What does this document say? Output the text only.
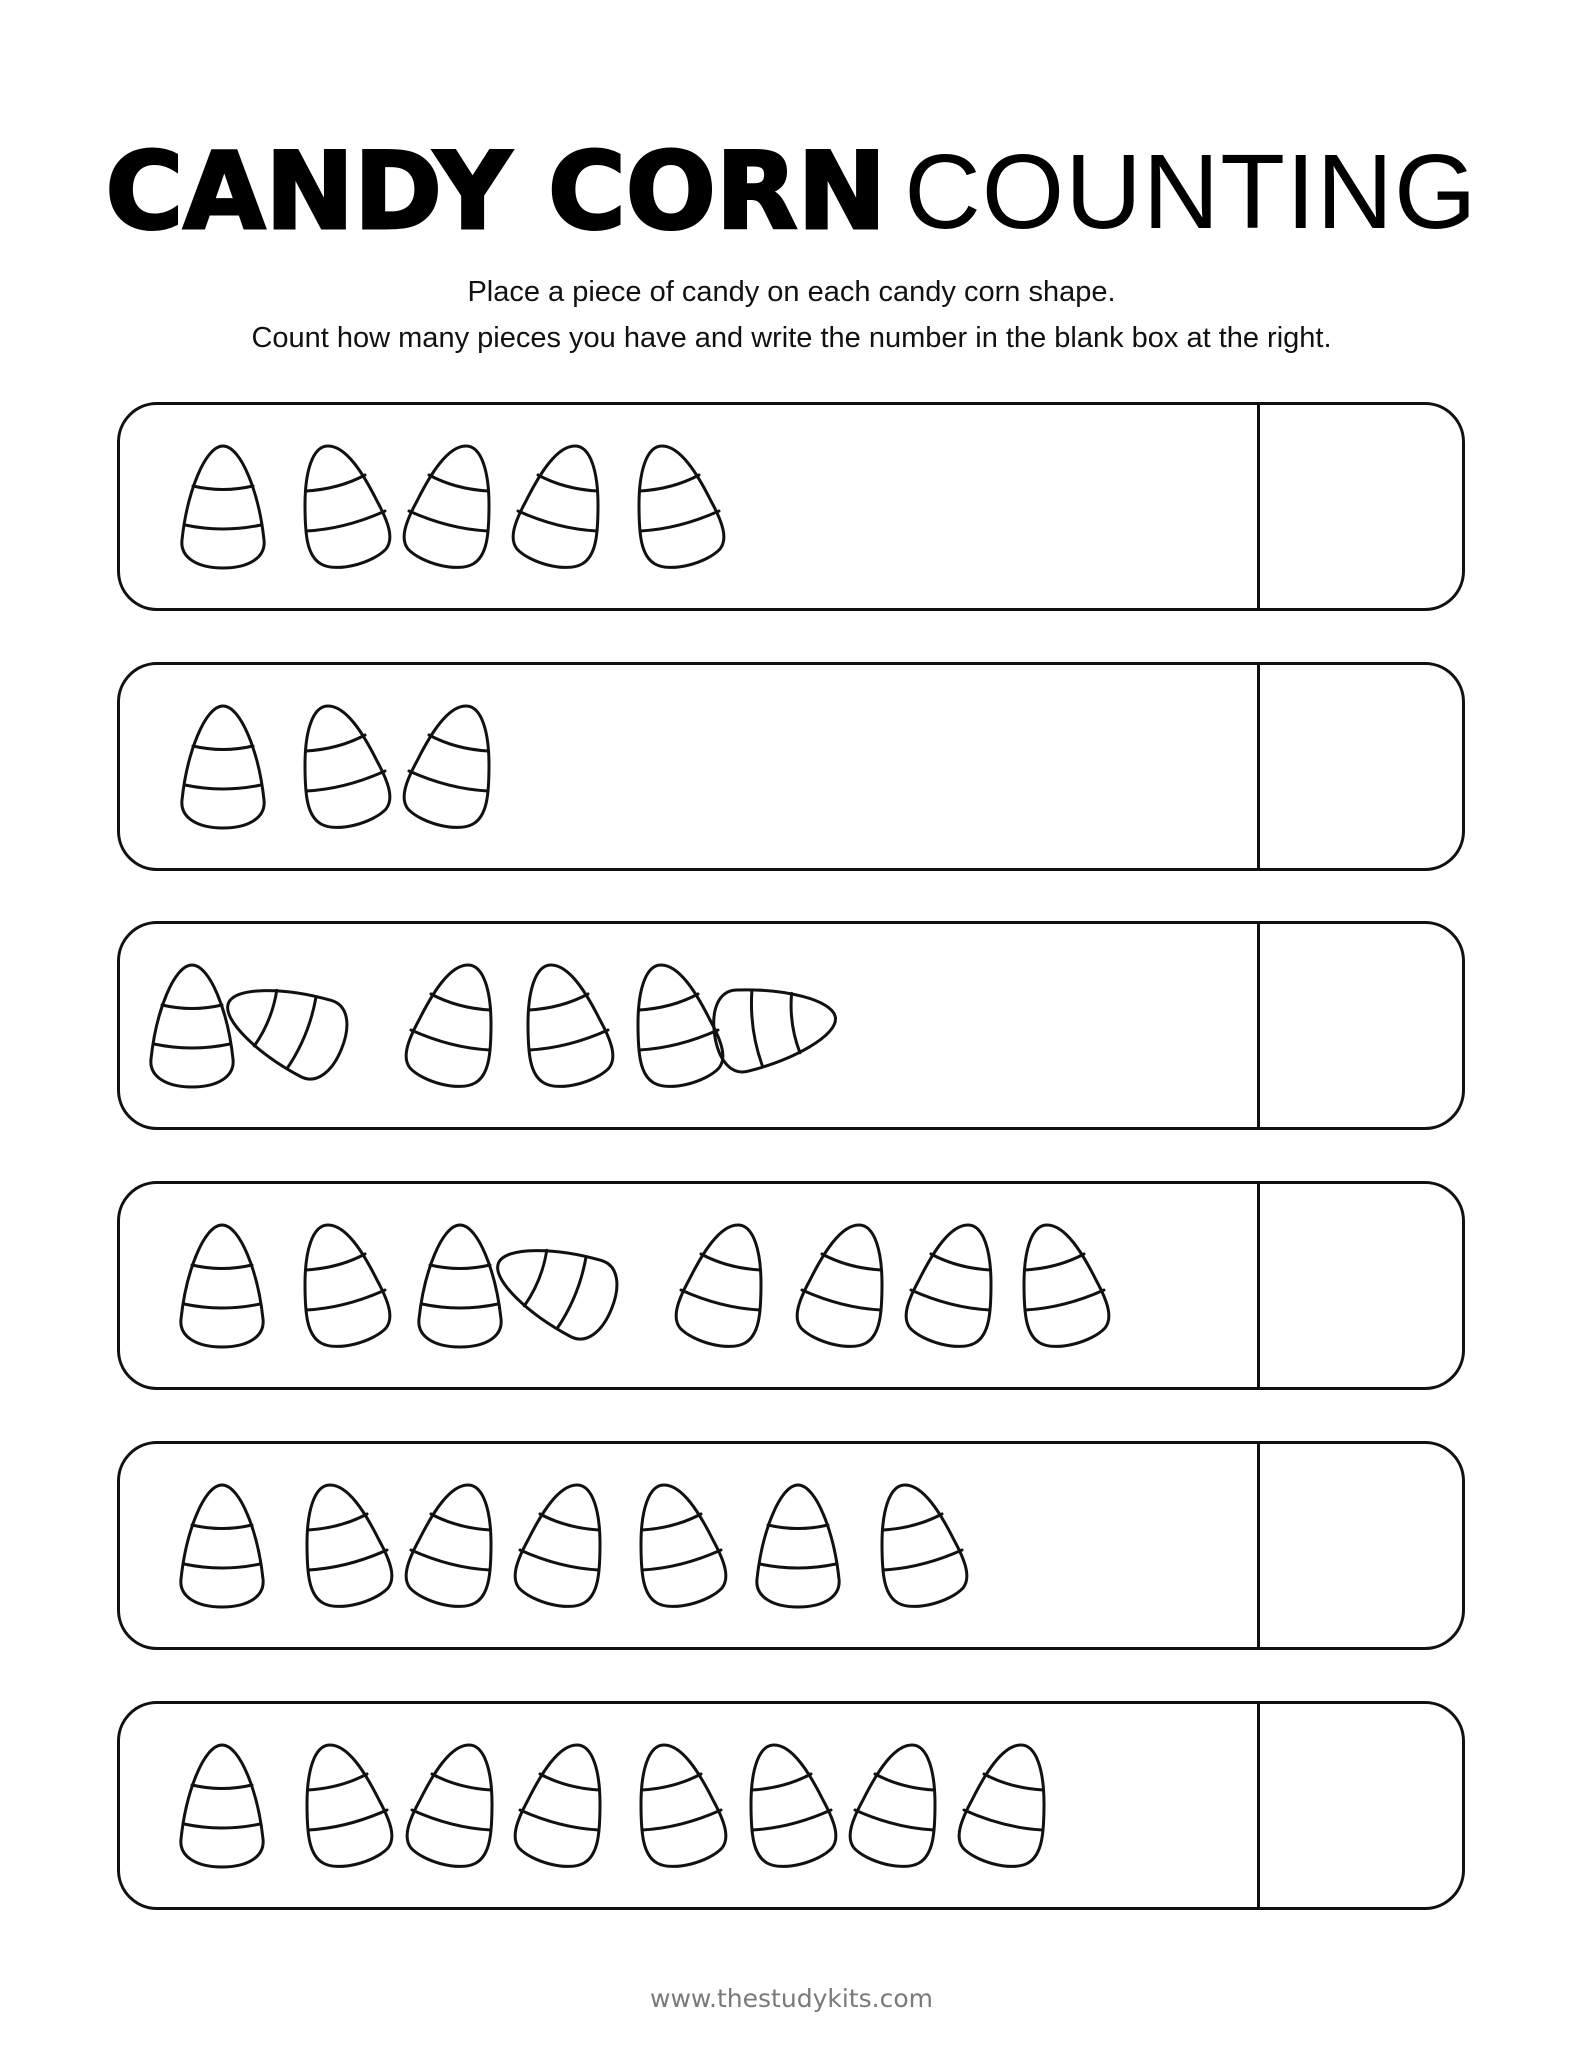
CANDY CORN COUNTING
Place a piece of candy on each candy corn shape.
Count how many pieces you have and write the number in the blank box at the right.
www.thestudykits.com
